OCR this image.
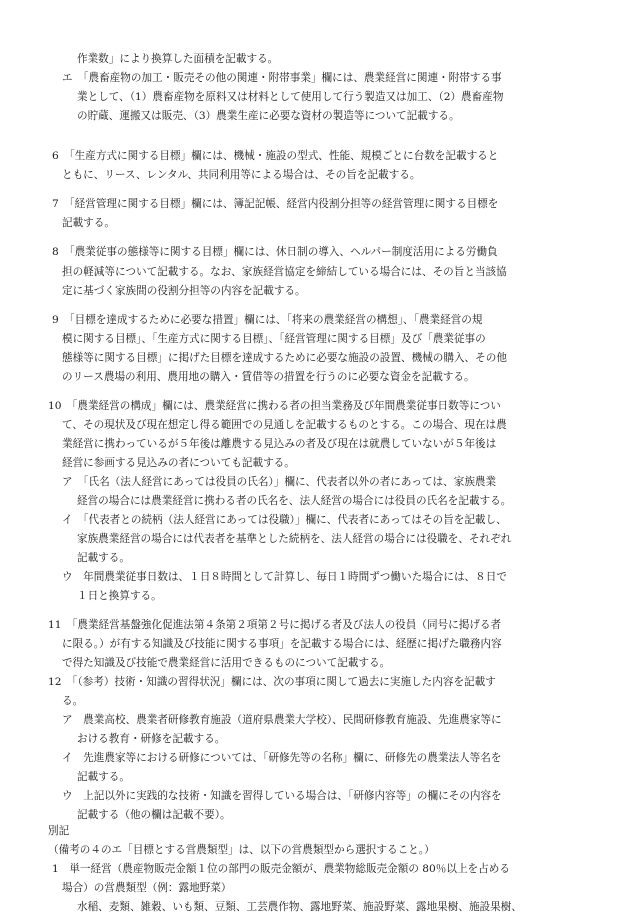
作業数」により換算した面積を記載する。

エ　「農畜産物の加工・販売その他の関連・附帯事業」欄には、農業経営に関連・附帯する事

業として、（1）農畜産物を原料又は材料として使用して行う製造又は加工、（2）農畜産物

の貯蔵、運搬又は販売、（3）農業生産に必要な資材の製造等について記載する。

6　「生産方式に関する目標」欄には、機械・施設の型式、性能、規模ごとに台数を記載すると

ともに、リース、レンタル、共同利用等による場合は、その旨を記載する。

7　「経営管理に関する目標」欄には、簿記記帳、経営内役割分担等の経営管理に関する目標を

記載する。

8　「農業従事の態様等に関する目標」欄には、休日制の導入、ヘルパー制度活用による労働負

担の軽減等について記載する。なお、家族経営協定を締結している場合には、その旨と当該協

定に基づく家族間の役割分担等の内容を記載する。

9　「目標を達成するために必要な措置」欄には、「将来の農業経営の構想」、「農業経営の規

模に関する目標」、「生産方式に関する目標」、「経営管理に関する目標」及び「農業従事の

態様等に関する目標」に掲げた目標を達成するために必要な施設の設置、機械の購入、その他

のリース農場の利用、農用地の購入・賃借等の措置を行うのに必要な資金を記載する。

10　「農業経営の構成」欄には、農業経営に携わる者の担当業務及び年間農業従事日数等につい

て、その現状及び現在想定し得る範囲での見通しを記載するものとする。この場合、現在は農

業経営に携わっているが５年後は離農する見込みの者及び現在は就農していないが５年後は

経営に参画する見込みの者についても記載する。

ア　「氏名（法人経営にあっては役員の氏名）」欄に、代表者以外の者にあっては、家族農業

経営の場合には農業経営に携わる者の氏名を、法人経営の場合には役員の氏名を記載する。

イ　「代表者との続柄（法人経営にあっては役職）」欄に、代表者にあってはその旨を記載し、

家族農業経営の場合には代表者を基準とした続柄を、法人経営の場合には役職を、それぞれ

記載する。

ウ　年間農業従事日数は、１日８時間として計算し、毎日１時間ずつ働いた場合には、８日で

１日と換算する。

11　「農業経営基盤強化促進法第４条第２項第２号に掲げる者及び法人の役員（同号に掲げる者

に限る。）が有する知識及び技能に関する事項」を記載する場合には、経歴に掲げた職務内容

で得た知識及び技能で農業経営に活用できるものについて記載する。

12　「（参考）技術・知識の習得状況」欄には、次の事項に関して過去に実施した内容を記載す

る。

ア　農業高校、農業者研修教育施設（道府県農業大学校）、民間研修教育施設、先進農家等に

おける教育・研修を記載する。

イ　先進農家等における研修については、「研修先等の名称」欄に、研修先の農業法人等名を

記載する。

ウ　上記以外に実践的な技術・知識を習得している場合は、「研修内容等」の欄にその内容を

記載する（他の欄は記載不要）。

別記

（備考の４のエ「目標とする営農類型」は、以下の営農類型から選択すること。）

1　単一経営（農産物販売金額１位の部門の販売金額が、農業物総販売金額の 80％以上を占める

場合）の営農類型（例：露地野菜）

水稲、麦類、雑穀、いも類、豆類、工芸農作物、露地野菜、施設野菜、露地果樹、施設果樹、
